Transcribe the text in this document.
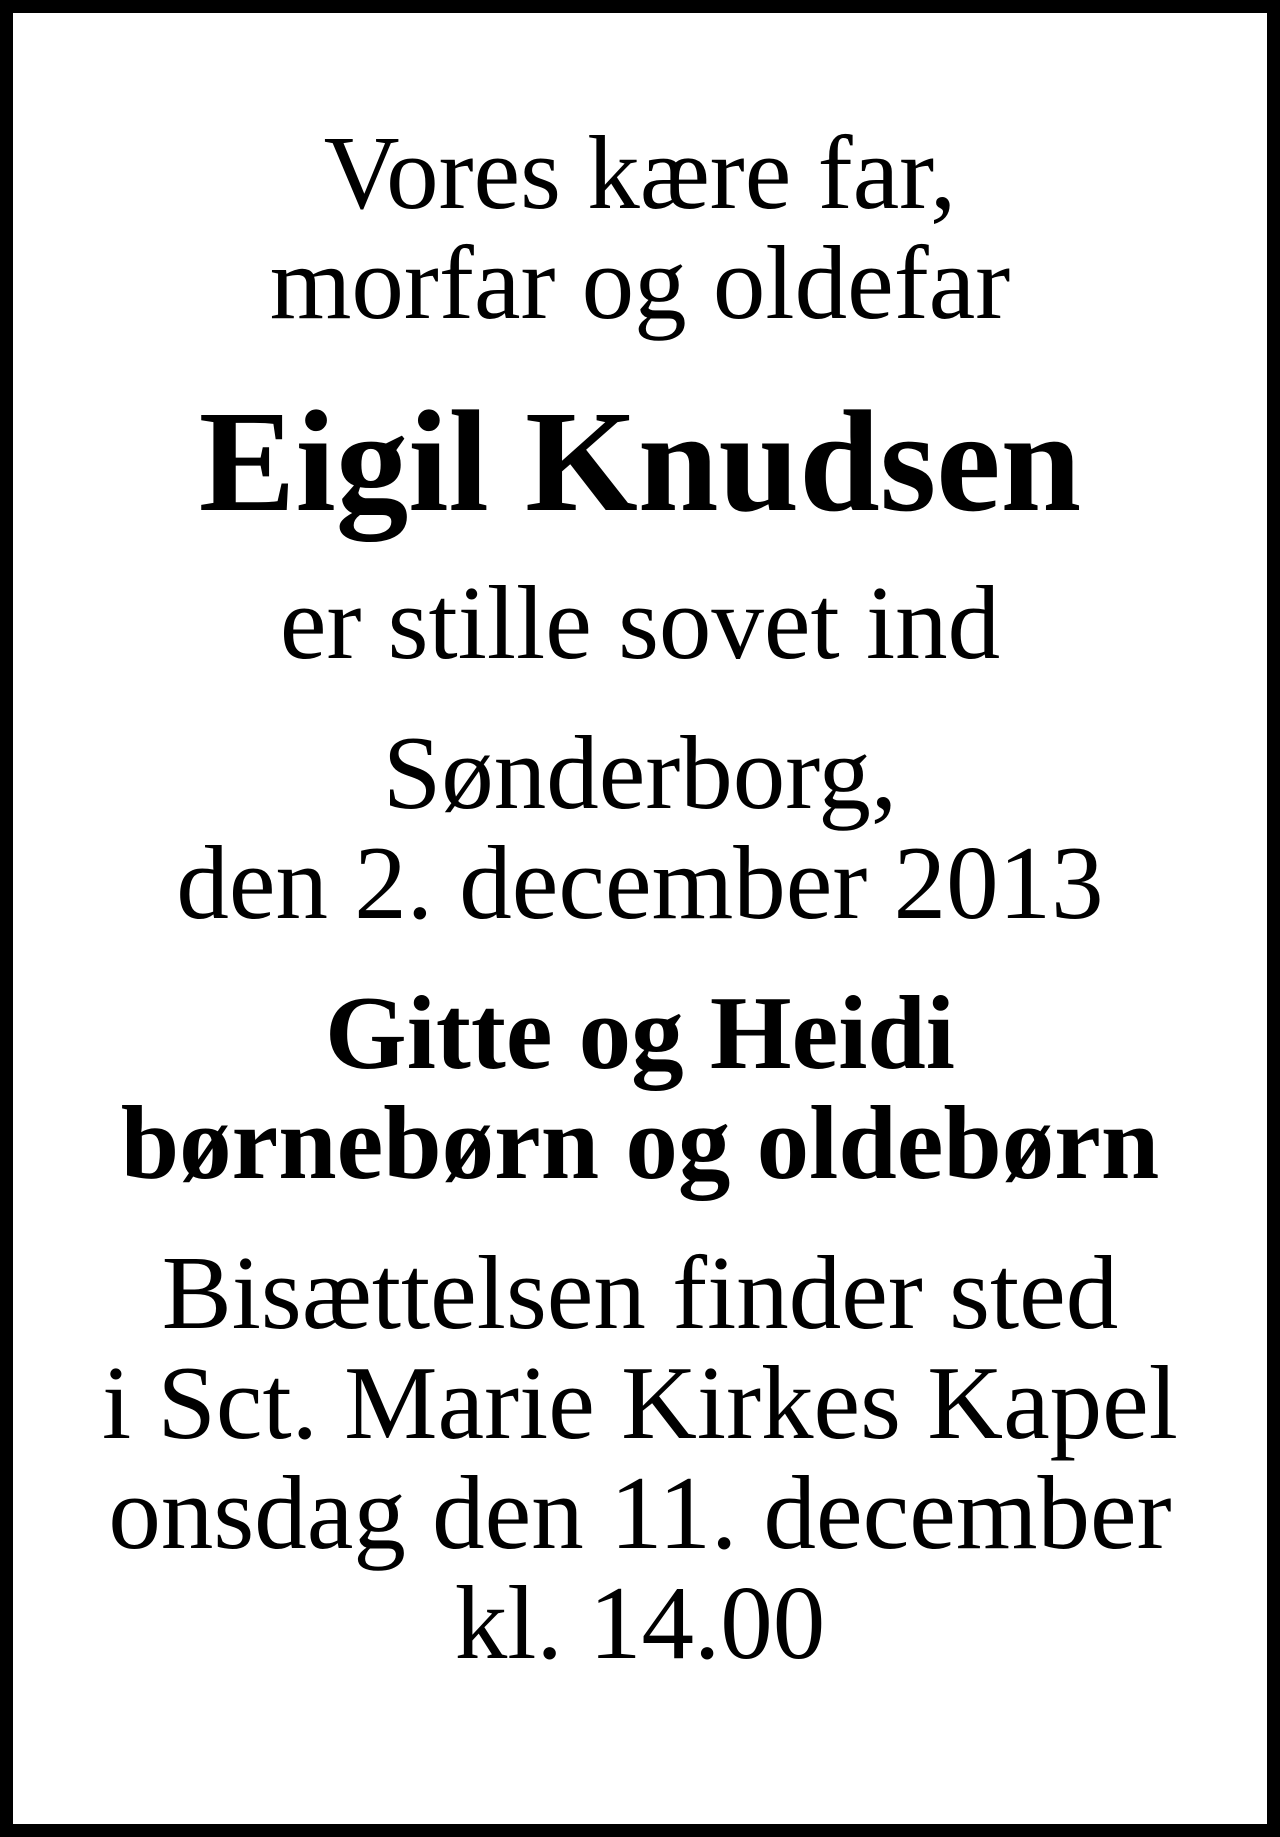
Vores kære far,
morfar og oldefar
Eigil Knudsen
er stille sovet ind
Sønderborg,
den 2. december 2013
Gitte og Heidi
børnebørn og oldebørn
Bisættelsen finder sted
i Sct. Marie Kirkes Kapel
onsdag den 11. december
kl. 14.00
